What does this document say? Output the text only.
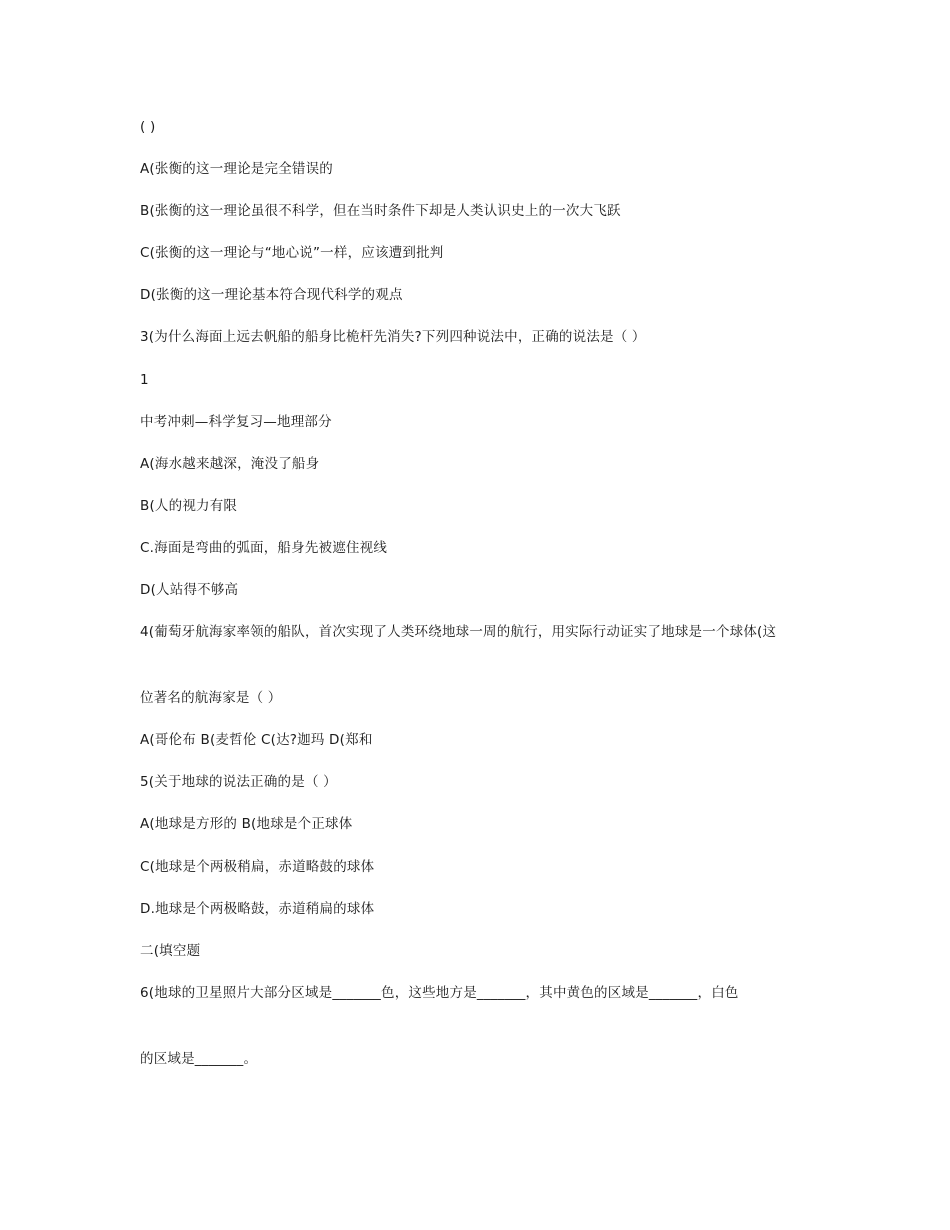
( )
A(张衡的这一理论是完全错误的
B(张衡的这一理论虽很不科学，但在当时条件下却是人类认识史上的一次大飞跃
C(张衡的这一理论与“地心说”一样，应该遭到批判
D(张衡的这一理论基本符合现代科学的观点
3(为什么海面上远去帆船的船身比桅杆先消失?下列四种说法中，正确的说法是（ ）
1
中考冲刺—科学复习—地理部分
A(海水越来越深，淹没了船身
B(人的视力有限
C.海面是弯曲的弧面，船身先被遮住视线
D(人站得不够高
4(葡萄牙航海家率领的船队，首次实现了人类环绕地球一周的航行，用实际行动证实了地球是一个球体(这
位著名的航海家是（ ）
A(哥伦布 B(麦哲伦 C(达?迦玛 D(郑和
5(关于地球的说法正确的是（ ）
A(地球是方形的 B(地球是个正球体
C(地球是个两极稍扁，赤道略鼓的球体
D.地球是个两极略鼓，赤道稍扁的球体
二(填空题
6(地球的卫星照片大部分区域是_______色，这些地方是_______，其中黄色的区域是_______，白色
的区域是_______。
